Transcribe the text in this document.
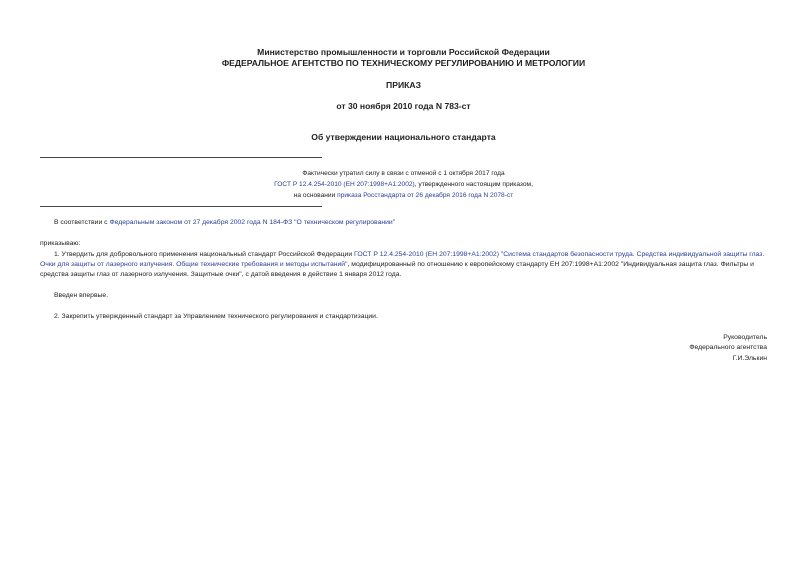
Министерство промышленности и торговли Российской Федерации
ФЕДЕРАЛЬНОЕ АГЕНТСТВО ПО ТЕХНИЧЕСКОМУ РЕГУЛИРОВАНИЮ И МЕТРОЛОГИИ
ПРИКАЗ
от 30 ноября 2010 года N 783-ст
Об утверждении национального стандарта
Фактически утратил силу в связи с отменой с 1 октября 2017 года
ГОСТ Р 12.4.254-2010 (ЕН 207:1998+А1:2002), утвержденного настоящим приказом,
на основании приказа Росстандарта от 26 декабря 2016 года N 2078-ст
В соответствии с Федеральным законом от 27 декабря 2002 года N 184-ФЗ "О техническом регулировании"
приказываю:
1. Утвердить для добровольного применения национальный стандарт Российской Федерации ГОСТ Р 12.4.254-2010 (ЕН 207:1998+А1:2002) "Система стандартов безопасности труда. Средства индивидуальной защиты глаз. Очки для защиты от лазерного излучения. Общие технические требования и методы испытаний", модифицированный по отношению к европейскому стандарту ЕН 207:1998+А1:2002 "Индивидуальная защита глаз. Фильтры и средства защиты глаз от лазерного излучения. Защитные очки", с датой введения в действие 1 января 2012 года.
Введен впервые.
2. Закрепить утвержденный стандарт за Управлением технического регулирования и стандартизации.
Руководитель
Федерального агентства
Г.И.Элькин
